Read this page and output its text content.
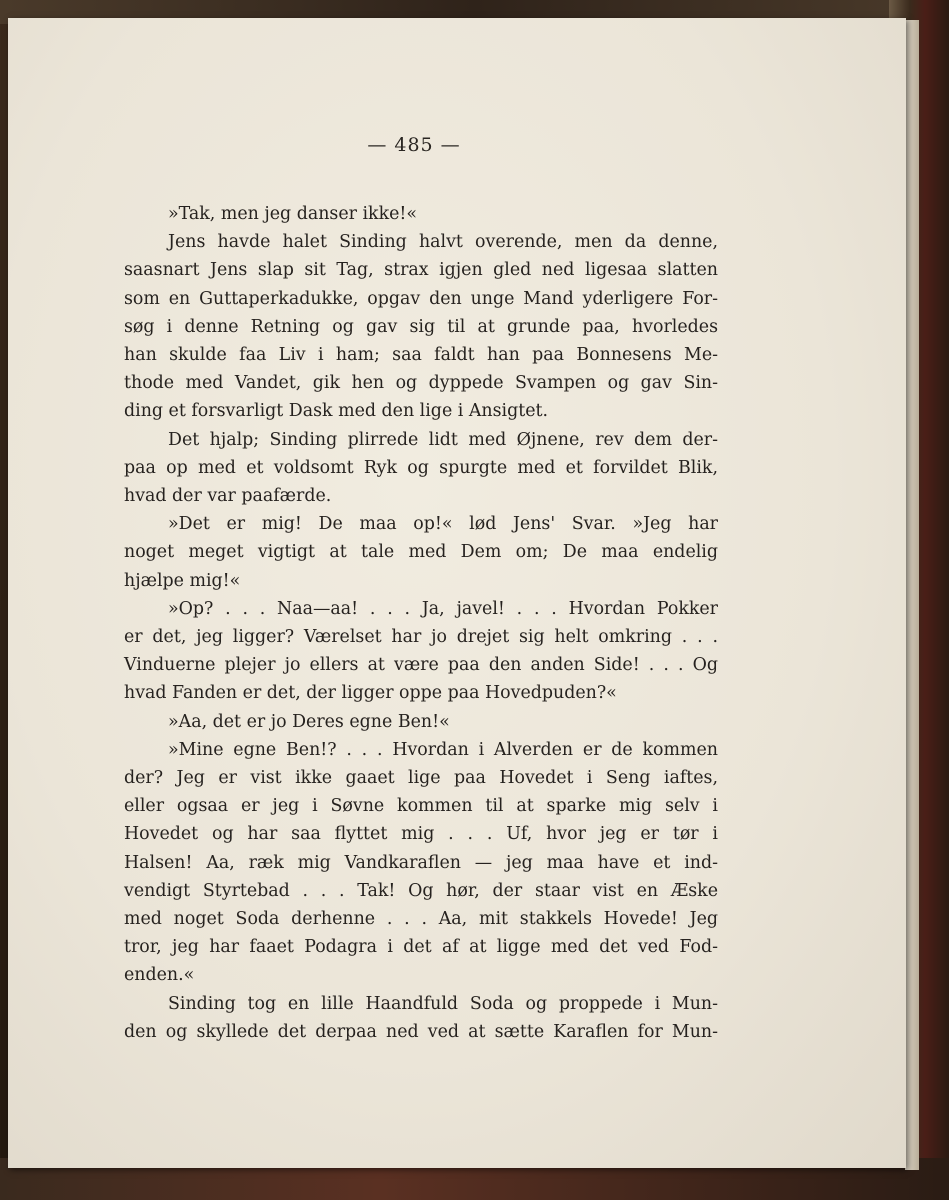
— 485 —
»Tak, men jeg danser ikke!«
Jens havde halet Sinding halvt overende, men da denne,
saasnart Jens slap sit Tag, strax igjen gled ned ligesaa slatten
som en Guttaperkadukke, opgav den unge Mand yderligere For-
søg i denne Retning og gav sig til at grunde paa, hvorledes
han skulde faa Liv i ham; saa faldt han paa Bonnesens Me-
thode med Vandet, gik hen og dyppede Svampen og gav Sin-
ding et forsvarligt Dask med den lige i Ansigtet.
Det hjalp; Sinding plirrede lidt med Øjnene, rev dem der-
paa op med et voldsomt Ryk og spurgte med et forvildet Blik,
hvad der var paafærde.
»Det er mig! De maa op!« lød Jens' Svar. »Jeg har
noget meget vigtigt at tale med Dem om; De maa endelig
hjælpe mig!«
»Op? . . . Naa—aa! . . . Ja, javel! . . . Hvordan Pokker
er det, jeg ligger? Værelset har jo drejet sig helt omkring . . .
Vinduerne plejer jo ellers at være paa den anden Side! . . . Og
hvad Fanden er det, der ligger oppe paa Hovedpuden?«
»Aa, det er jo Deres egne Ben!«
»Mine egne Ben!? . . . Hvordan i Alverden er de kommen
der? Jeg er vist ikke gaaet lige paa Hovedet i Seng iaftes,
eller ogsaa er jeg i Søvne kommen til at sparke mig selv i
Hovedet og har saa flyttet mig . . . Uf, hvor jeg er tør i
Halsen! Aa, ræk mig Vandkaraflen — jeg maa have et ind-
vendigt Styrtebad . . . Tak! Og hør, der staar vist en Æske
med noget Soda derhenne . . . Aa, mit stakkels Hovede! Jeg
tror, jeg har faaet Podagra i det af at ligge med det ved Fod-
enden.«
Sinding tog en lille Haandfuld Soda og proppede i Mun-
den og skyllede det derpaa ned ved at sætte Karaflen for Mun-
